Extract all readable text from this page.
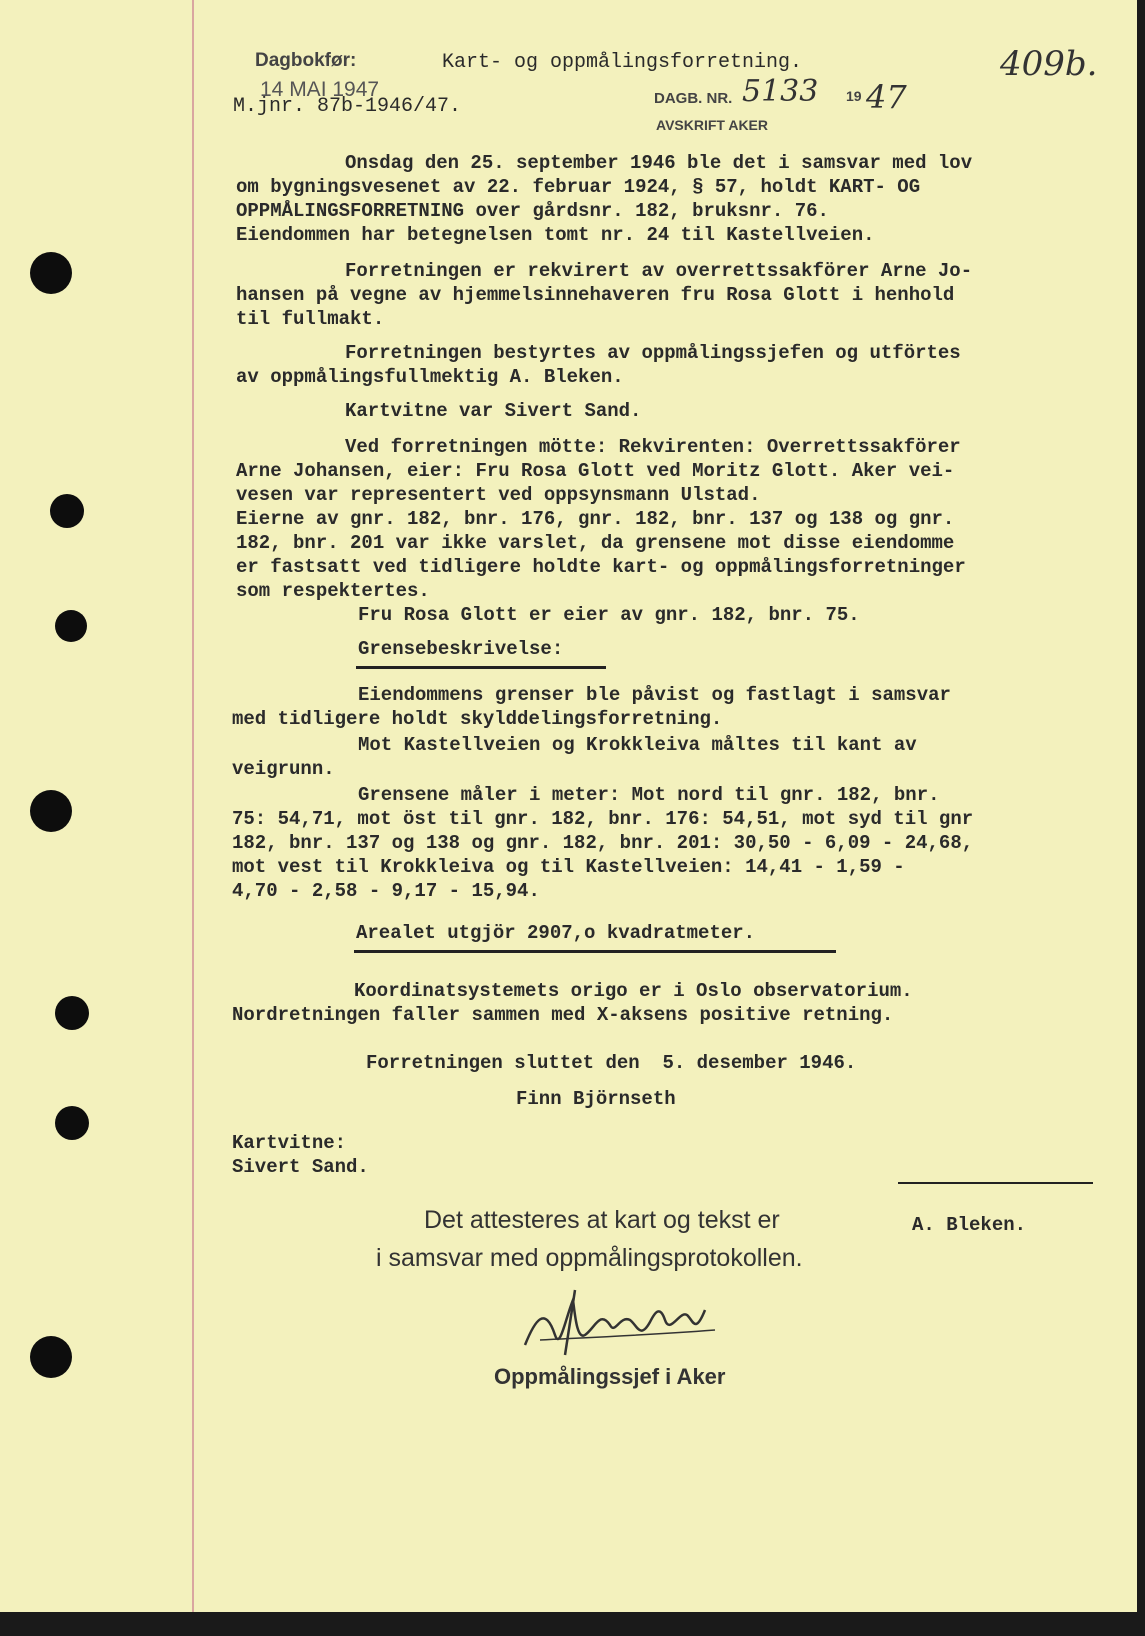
Dagbokfør:
14 MAI 1947
Kart- og oppmålingsforretning.	409b.
M.jnr. 87b-1946/47.	DAGB. NR. 5133 19 47
AVSKRIFT AKER
Onsdag den 25. september 1946 ble det i samsvar med lov
om bygningsvesenet av 22. februar 1924, § 57, holdt KART- OG
OPPMÅLINGSFORRETNING over gårdsnr. 182, bruksnr. 76.
Eiendommen har betegnelsen tomt nr. 24 til Kastellveien.
Forretningen er rekvirert av overrettssakförer Arne Jo-
hansen på vegne av hjemmelsinnehaveren fru Rosa Glott i henhold
til fullmakt.
Forretningen bestyrtes av oppmålingssjefen og utförtes
av oppmålingsfullmektig A. Bleken.
Kartvitne var Sivert Sand.
Ved forretningen mötte: Rekvirenten: Overrettssakförer
Arne Johansen, eier: Fru Rosa Glott ved Moritz Glott. Aker vei-
vesen var representert ved oppsynsmann Ulstad.
Eierne av gnr. 182, bnr. 176, gnr. 182, bnr. 137 og 138 og gnr.
182, bnr. 201 var ikke varslet, da grensene mot disse eiendomme
er fastsatt ved tidligere holdte kart- og oppmålingsforretninger
som respektertes.
Fru Rosa Glott er eier av gnr. 182, bnr. 75.
Grensebeskrivelse:
Eiendommens grenser ble påvist og fastlagt i samsvar
med tidligere holdt skylddelingsforretning.
Mot Kastellveien og Krokkleiva måltes til kant av
veigrunn.
Grensene måler i meter: Mot nord til gnr. 182, bnr.
75: 54,71, mot öst til gnr. 182, bnr. 176: 54,51, mot syd til gnr
182, bnr. 137 og 138 og gnr. 182, bnr. 201: 30,50 - 6,09 - 24,68,
mot vest til Krokkleiva og til Kastellveien: 14,41 - 1,59 -
4,70 - 2,58 - 9,17 - 15,94.
Arealet utgjör 2907,o kvadratmeter.
Koordinatsystemets origo er i Oslo observatorium.
Nordretningen faller sammen med X-aksens positive retning.
Forretningen sluttet den  5. desember 1946.
Finn Björnseth
Kartvitne:
Sivert Sand.
A. Bleken.
Det attesteres at kart og tekst er
i samsvar med oppmålingsprotokollen.
Oppmålingssjef i Aker
